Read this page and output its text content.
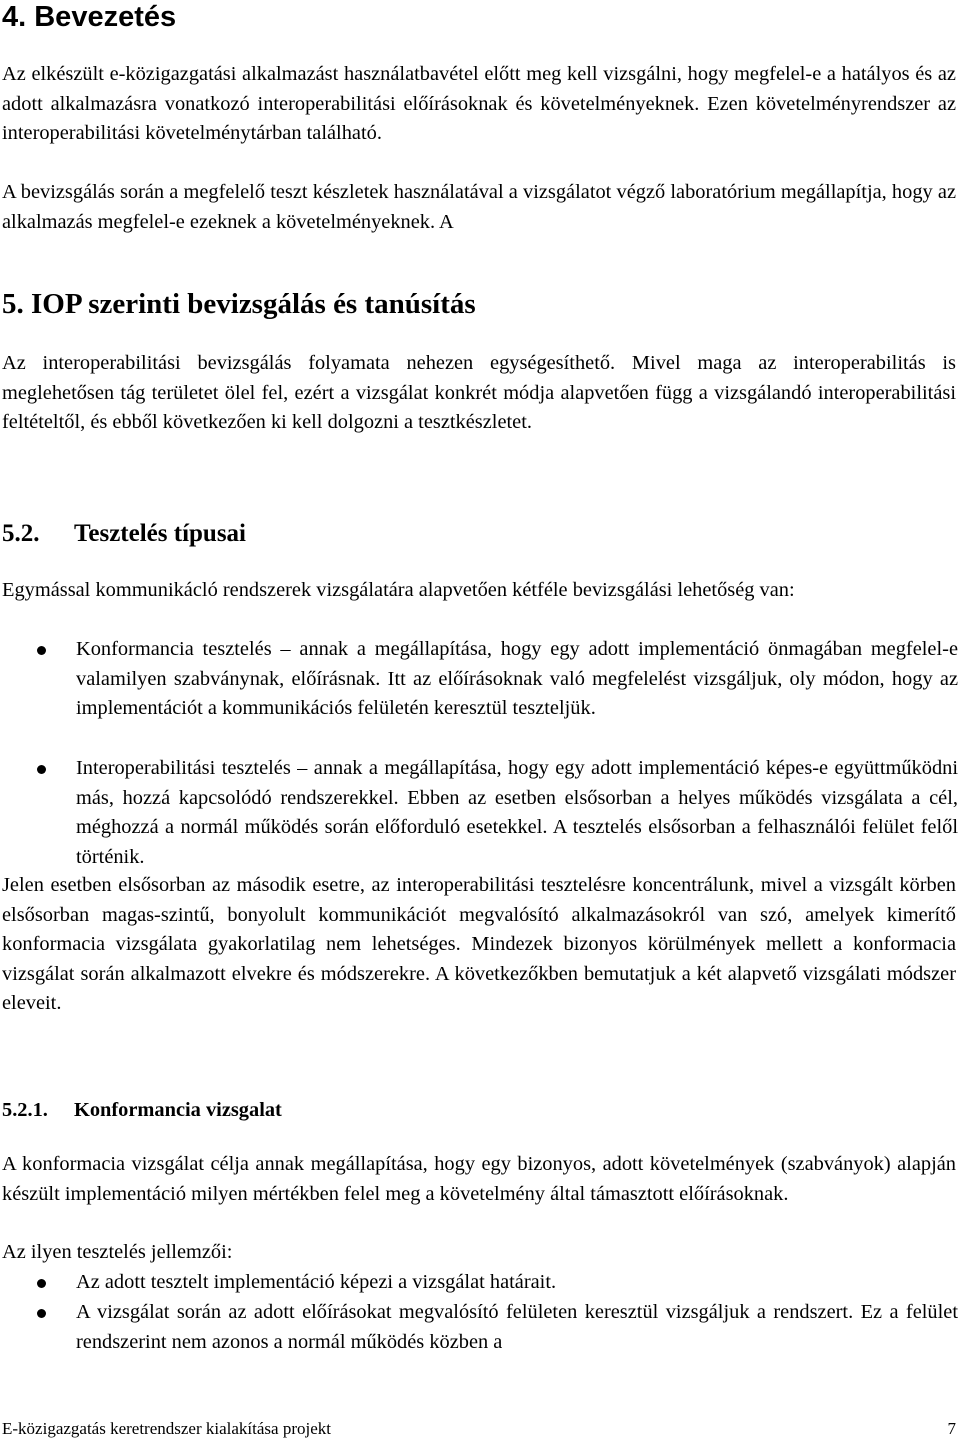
4. Bevezetés

Az elkészült e-közigazgatási alkalmazást használatbavétel előtt meg kell vizsgálni, hogy megfelel-e a hatályos és az adott alkalmazásra vonatkozó interoperabilitási előírásoknak és követelményeknek. Ezen követelményrendszer az interoperabilitási követelménytárban található.

A bevizsgálás során a megfelelő teszt készletek használatával a vizsgálatot végző laboratórium megállapítja, hogy az alkalmazás megfelel-e ezeknek a követelményeknek. A

5. IOP szerinti bevizsgálás és tanúsítás

Az interoperabilitási bevizsgálás folyamata nehezen egységesíthető. Mivel maga az interoperabilitás is meglehetősen tág területet ölel fel, ezért a vizsgálat konkrét módja alapvetően függ a vizsgálandó interoperabilitási feltételtől, és ebből következően ki kell dolgozni a tesztkészletet.

5.2. Tesztelés típusai

Egymással kommunikácló rendszerek vizsgálatára alapvetően kétféle bevizsgálási lehetőség van:

Konformancia tesztelés – annak a megállapítása, hogy egy adott implementáció önmagában megfelel-e valamilyen szabványnak, előírásnak. Itt az előírásoknak való megfelelést vizsgáljuk, oly módon, hogy az implementációt a kommunikációs felületén keresztül teszteljük.

Interoperabilitási tesztelés – annak a megállapítása, hogy egy adott implementáció képes-e együttműködni más, hozzá kapcsolódó rendszerekkel. Ebben az esetben elsősorban a helyes működés vizsgálata a cél, méghozzá a normál működés során előforduló esetekkel. A tesztelés elsősorban a felhasználói felület felől történik.

Jelen esetben elsősorban az második esetre, az interoperabilitási tesztelésre koncentrálunk, mivel a vizsgált körben elsősorban magas-szintű, bonyolult kommunikációt megvalósító alkalmazásokról van szó, amelyek kimerítő konformacia vizsgálata gyakorlatilag nem lehetséges. Mindezek bizonyos körülmények mellett a konformacia vizsgálat során alkalmazott elvekre és módszerekre. A következőkben bemutatjuk a két alapvető vizsgálati módszer eleveit.

5.2.1. Konformancia vizsgalat

A konformacia vizsgálat célja annak megállapítása, hogy egy bizonyos, adott követelmények (szabványok) alapján készült implementáció milyen mértékben felel meg a követelmény által támasztott előírásoknak.

Az ilyen tesztelés jellemzői:

Az adott tesztelt implementáció képezi a vizsgálat határait.

A vizsgálat során az adott előírásokat megvalósító felületen keresztül vizsgáljuk a rendszert. Ez a felület rendszerint nem azonos a normál működés közben a

E-közigazgatás keretrendszer kialakítása projekt	7
